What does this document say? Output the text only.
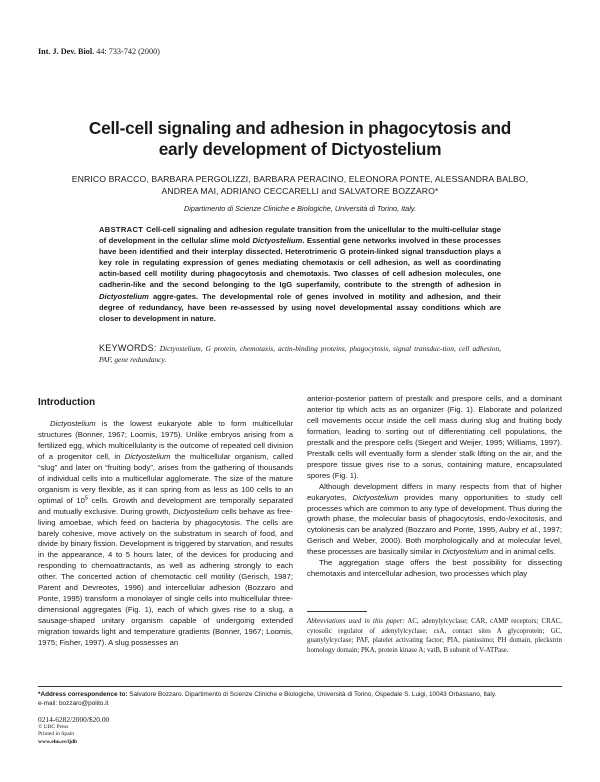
Int. J. Dev. Biol. 44: 733-742 (2000)
Cell-cell signaling and adhesion in phagocytosis and
early development of Dictyostelium
ENRICO BRACCO, BARBARA PERGOLIZZI, BARBARA PERACINO, ELEONORA PONTE, ALESSANDRA BALBO,
ANDREA MAI, ADRIANO CECCARELLI and SALVATORE BOZZARO*
Dipartimento di Scienze Cliniche e Biologiche, Università di Torino, Italy.
ABSTRACT Cell-cell signaling and adhesion regulate transition from the unicellular to the multi-cellular stage of development in the cellular slime mold Dictyostelium. Essential gene networks involved in these processes have been identified and their interplay dissected. Heterotrimeric G protein-linked signal transduction plays a key role in regulating expression of genes mediating chemotaxis or cell adhesion, as well as coordinating actin-based cell motility during phagocytosis and chemotaxis. Two classes of cell adhesion molecules, one cadherin-like and the second belonging to the IgG superfamily, contribute to the strength of adhesion in Dictyostelium aggre-gates. The developmental role of genes involved in motility and adhesion, and their degree of redundancy, have been re-assessed by using novel developmental assay conditions which are closer to development in nature.
KEYWORDS: Dictyostelium, G protein, chemotaxis, actin-binding proteins, phagocytosis, signal transduc-tion, cell adhesion, PAF, gene redundancy.
Introduction

Dictyostelium is the lowest eukaryote able to form multicellular structures (Bonner, 1967; Loomis, 1975). Unlike embryos arising from a fertilized egg, which multicellularity is the outcome of repeated cell division of a progenitor cell, in Dictyostelium the multicellular organism, called “slug” and later on “fruiting body”, arises from the gathering of thousands of individual cells into a multicellular agglomerate. The size of the mature organism is very flexible, as it can spring from as less as 100 cells to an optimal of $10^5$ cells. Growth and development are temporally separated and mutually exclusive. During growth, Dictyostelium cells behave as free-living amoebae, which feed on bacteria by phagocytosis. The cells are barely cohesive, move actively on the substratum in search of food, and divide by binary fission. Development is triggered by starvation, and results in the appearance, 4 to 5 hours later, of the devices for producing and responding to chemoattractants, as well as adhering strongly to each other. The concerted action of chemotactic cell motility (Gerisch, 1987; Parent and Devreotes, 1996) and intercellular adhesion (Bozzaro and Ponte, 1995) transform a monolayer of single cells into multicellular three-dimensional aggregates (Fig. 1), each of which gives rise to a slug, a sausage-shaped unitary organism capable of undergoing extended migration towards light and temperature gradients (Bonner, 1967; Loomis, 1975; Fisher, 1997). A slug possesses an

anterior-posterior pattern of prestalk and prespore cells, and a dominant anterior tip which acts as an organizer (Fig. 1). Elaborate and polarized cell movements occur inside the cell mass during slug and fruiting body formation, leading to sorting out of differentiating cell populations, the prestalk and the prespore cells (Siegert and Weijer, 1995; Williams, 1997). Prestalk cells will eventually form a slender stalk lifting on the air, and the prespore tissue gives rise to a sorus, containing mature, encapsulated spores (Fig. 1).

Although development differs in many respects from that of higher eukaryotes, Dictyostelium provides many opportunities to study cell processes which are common to any type of development. Thus during the growth phase, the molecular basis of phagocytosis, endo-/exocitosis, and cytokinesis can be analyzed (Bozzaro and Ponte, 1995, Aubry et al., 1997; Gerisch and Weber, 2000). Both morphologically and at molecular level, these processes are basically similar in Dictyostelium and in animal cells.

The aggregation stage offers the best possibility for dissecting chemotaxis and intercellular adhesion, two processes which play

Abbreviations used in this paper: AC, adenylylcyclase; CAR, cAMP receptors; CRAC, cytosolic regulator of adenylylcyclase; csA, contact sites A glycoprotein; GC, guanylylcyclase; PAF, platelet activating factor; PIA, pianissimo; PH domain, pleckstrin homology domain; PKA, protein kinase A; vatB, B subunit of V-ATPase.
*Address correspondence to: Salvatore Bozzaro. Dipartimento di Scienze Cliniche e Biologiche, Università di Torino, Ospedale S. Luigi, 10043 Orbassano, Italy.
e-mail: bozzaro@polito.it
0214-6282/2000/$20.00
© UBC Press
Printed in Spain
www.ehu.es/ijdb
